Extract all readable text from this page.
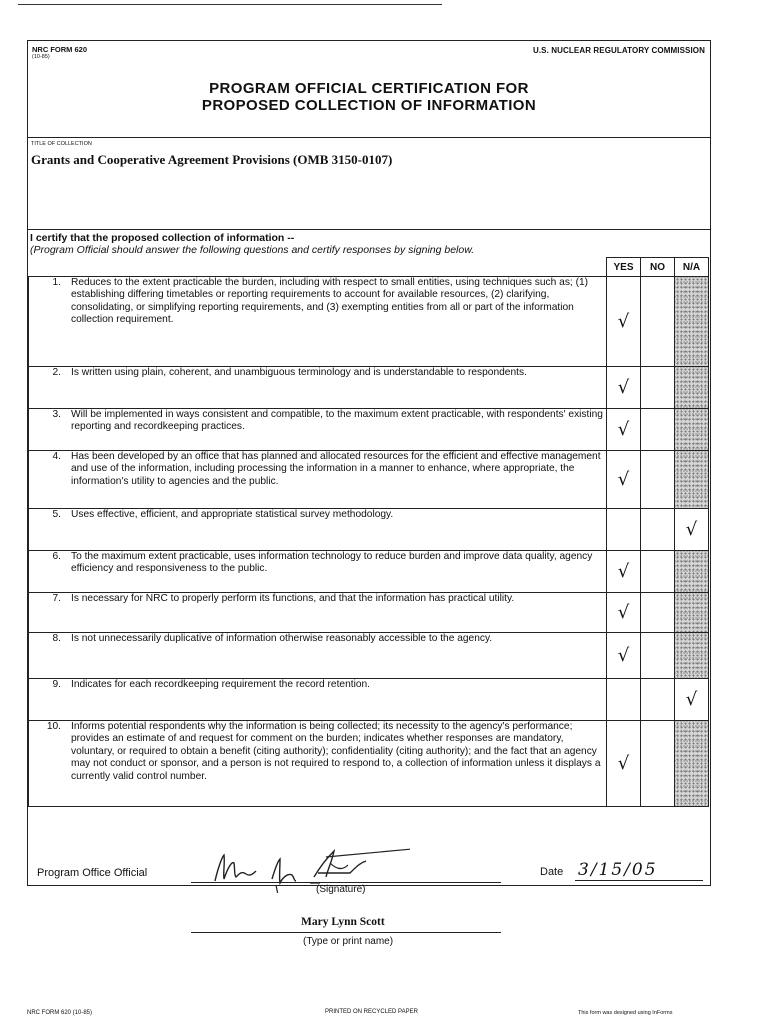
NRC FORM 620
(10-85)
U.S. NUCLEAR REGULATORY COMMISSION
PROGRAM OFFICIAL CERTIFICATION FOR
PROPOSED COLLECTION OF INFORMATION
TITLE OF COLLECTION
Grants and Cooperative Agreement Provisions (OMB 3150-0107)
I certify that the proposed collection of information --
(Program Official should answer the following questions and certify responses by signing below.
	YES	NO	N/A

1. Reduces to the extent practicable the burden, including with respect to small entities, using techniques such as; (1) establishing differing timetables or reporting requirements to account for available resources, (2) clarifying, consolidating, or simplifying reporting requirements, and (3) exempting entities from all or part of the information collection requirement.	√		

2. Is written using plain, coherent, and unambiguous terminology and is understandable to respondents.	√		

3. Will be implemented in ways consistent and compatible, to the maximum extent practicable, with respondents' existing reporting and recordkeeping practices.	√		

4. Has been developed by an office that has planned and allocated resources for the efficient and effective management and use of the information, including processing the information in a manner to enhance, where appropriate, the information's utility to agencies and the public.	√		

5. Uses effective, efficient, and appropriate statistical survey methodology.			√

6. To the maximum extent practicable, uses information technology to reduce burden and improve data quality, agency efficiency and responsiveness to the public.	√		

7. Is necessary for NRC to properly perform its functions, and that the information has practical utility.	√		

8. Is not unnecessarily duplicative of information otherwise reasonably accessible to the agency.	√		

9. Indicates for each recordkeeping requirement the record retention.			√

10. Informs potential respondents why the information is being collected; its necessity to the agency's performance; provides an estimate of and request for comment on the burden; indicates whether responses are mandatory, voluntary, or required to obtain a benefit (citing authority); confidentiality (citing authority); and the fact that an agency may not conduct or sponsor, and a person is not required to respond to, a collection of information unless it displays a currently valid control number.	√		
Program Office Official
(Signature)
Date 3/15/05
Mary Lynn Scott
(Type or print name)
NRC FORM 620 (10-85)	PRINTED ON RECYCLED PAPER	This form was designed using InForms
